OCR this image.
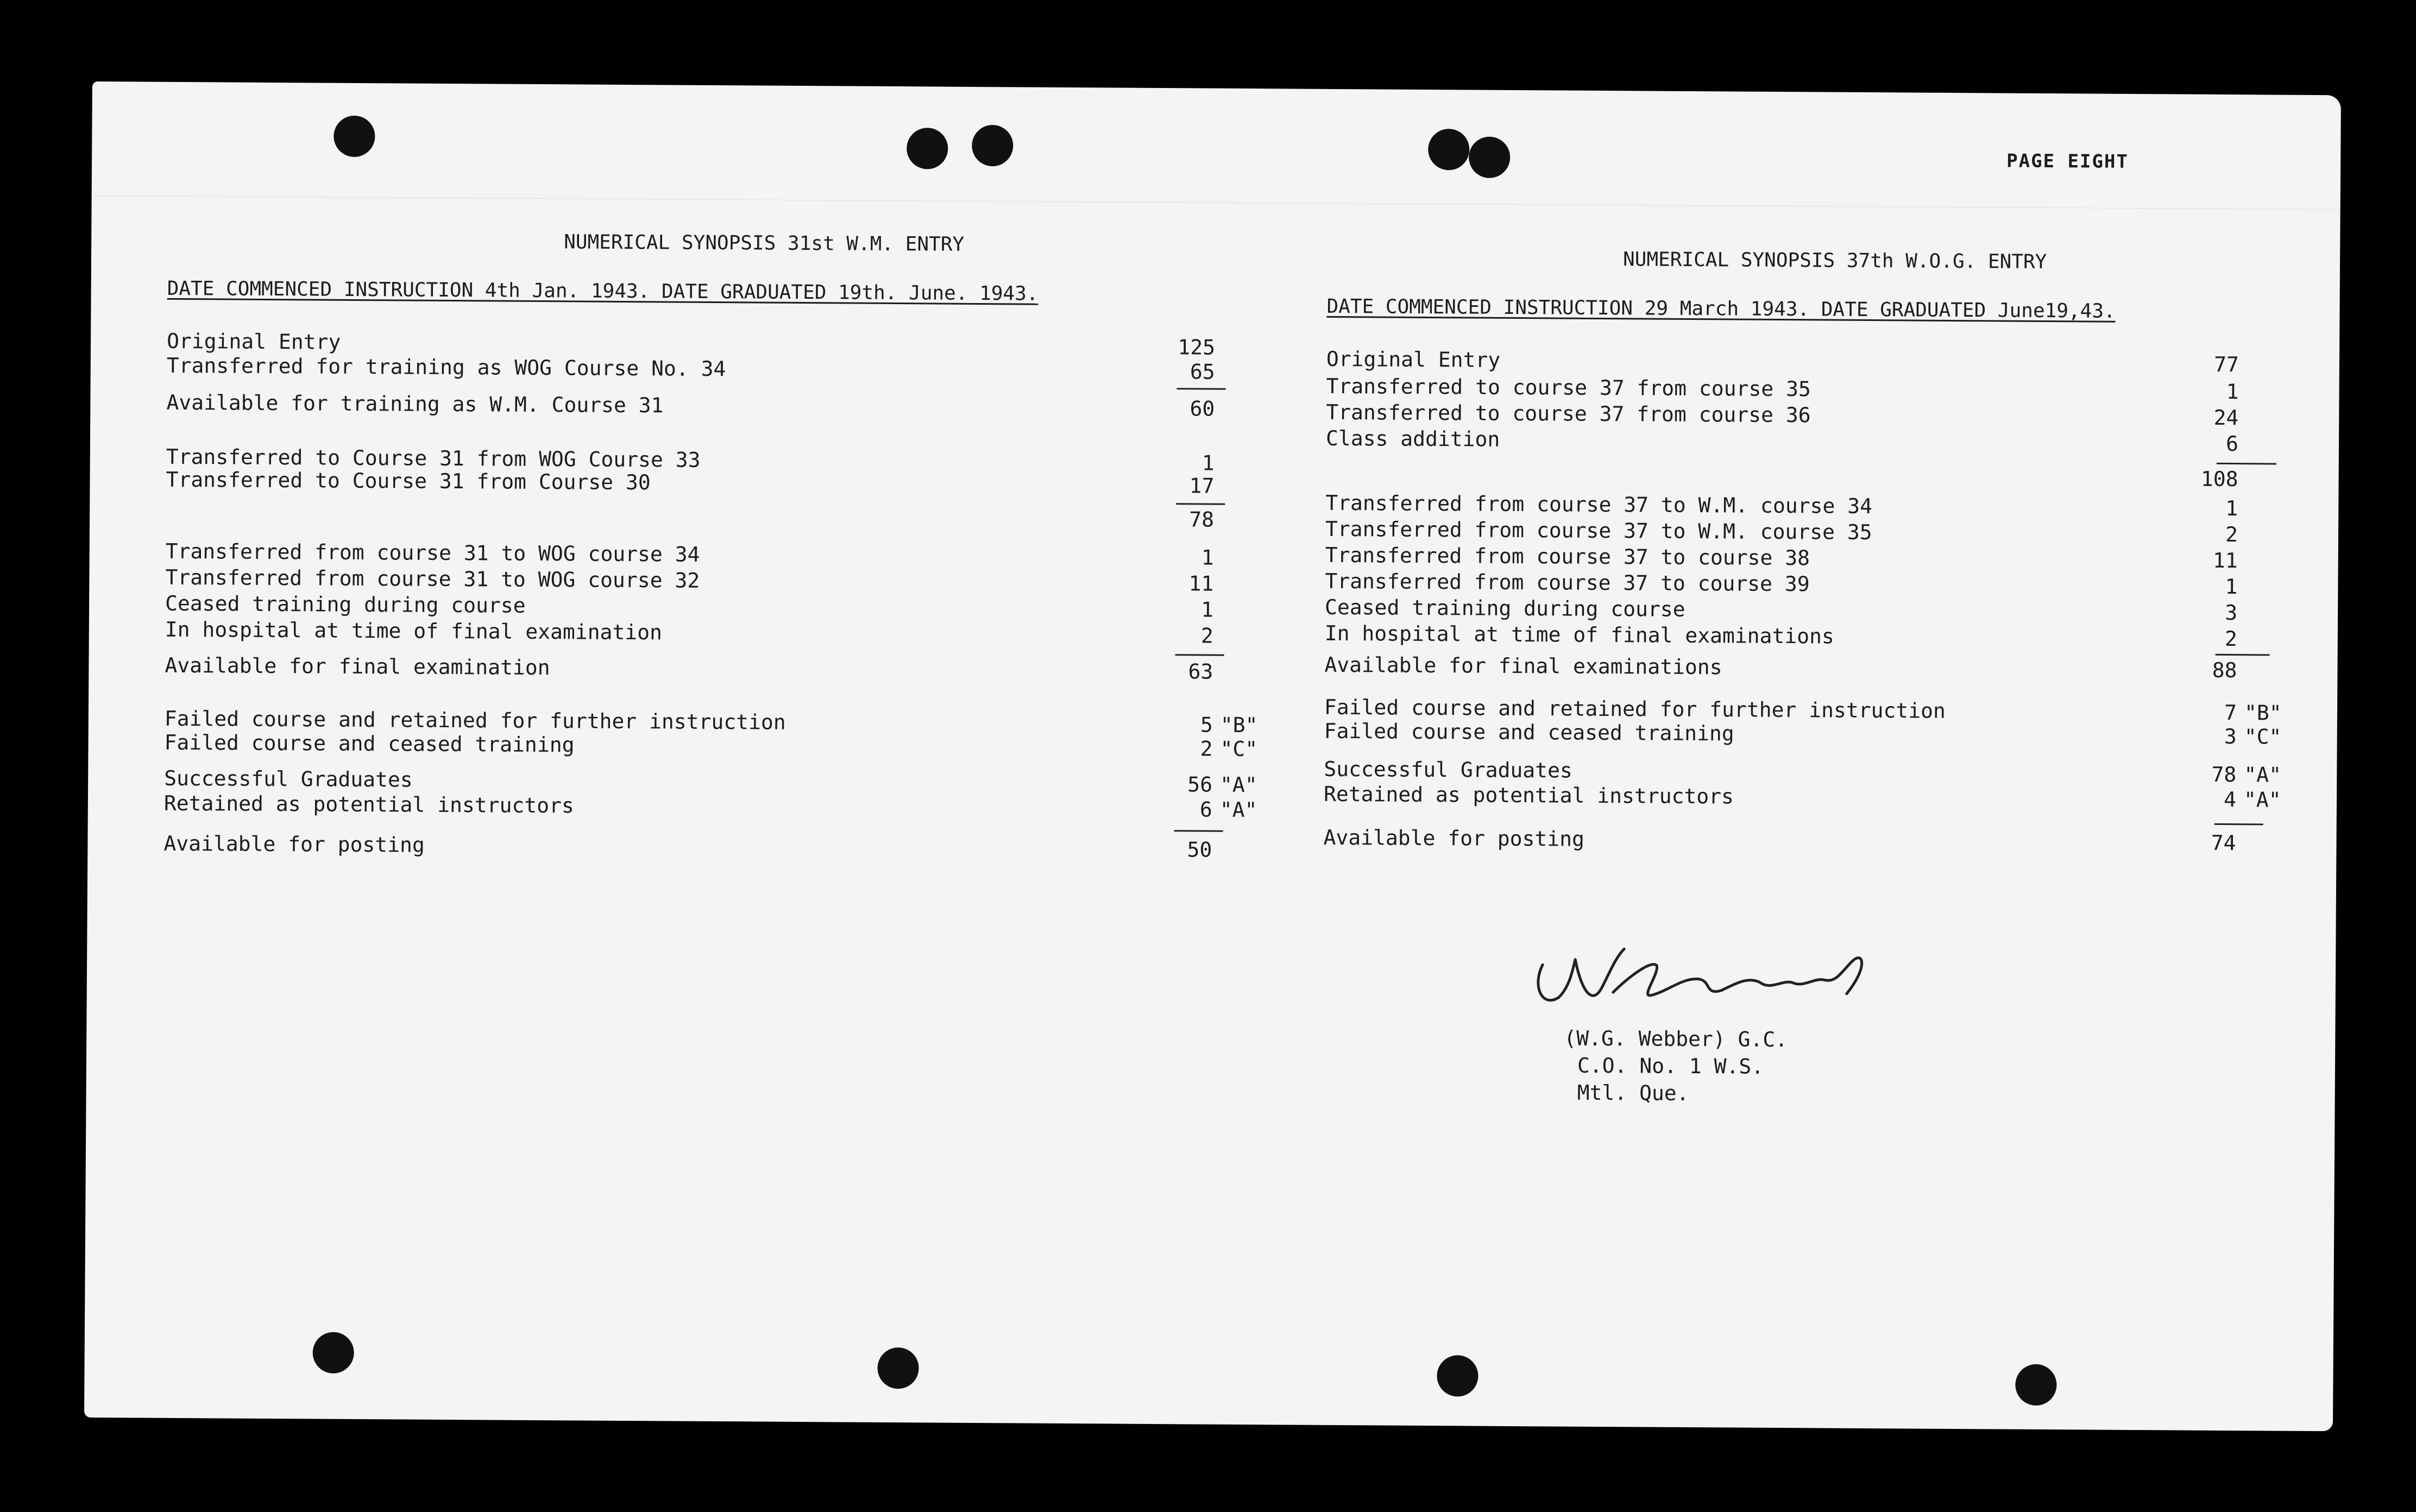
PAGE EIGHT
NUMERICAL SYNOPSIS 31st W.M. ENTRY
DATE COMMENCED INSTRUCTION 4th Jan. 1943. DATE GRADUATED 19th. June. 1943.
Original Entry	125
Transferred for training as WOG Course No. 34	65
Available for training as W.M. Course 31	60
Transferred to Course 31 from WOG Course 33	1
Transferred to Course 31 from Course 30	17
78
Transferred from course 31 to WOG course 34	1
Transferred from course 31 to WOG course 32	11
Ceased training during course	1
In hospital at time of final examination	2
Available for final examination	63
Failed course and retained for further instruction	5 "B"
Failed course and ceased training	2 "C"
Successful Graduates	56 "A"
Retained as potential instructors	6 "A"
Available for posting	50
NUMERICAL SYNOPSIS 37th W.O.G. ENTRY
DATE COMMENCED INSTRUCTION 29 March 1943. DATE GRADUATED June19,43.
Original Entry	77
Transferred to course 37 from course 35	1
Transferred to course 37 from course 36	24
Class addition	6
108
Transferred from course 37 to W.M. course 34	1
Transferred from course 37 to W.M. course 35	2
Transferred from course 37 to course 38	11
Transferred from course 37 to course 39	1
Ceased training during course	3
In hospital at time of final examinations	2
Available for final examinations	88
Failed course and retained for further instruction	7 "B"
Failed course and ceased training	3 "C"
Successful Graduates	78 "A"
Retained as potential instructors	4 "A"
Available for posting	74
(W.G. Webber) G.C.
C.O. No. 1 W.S.
Mtl. Que.
